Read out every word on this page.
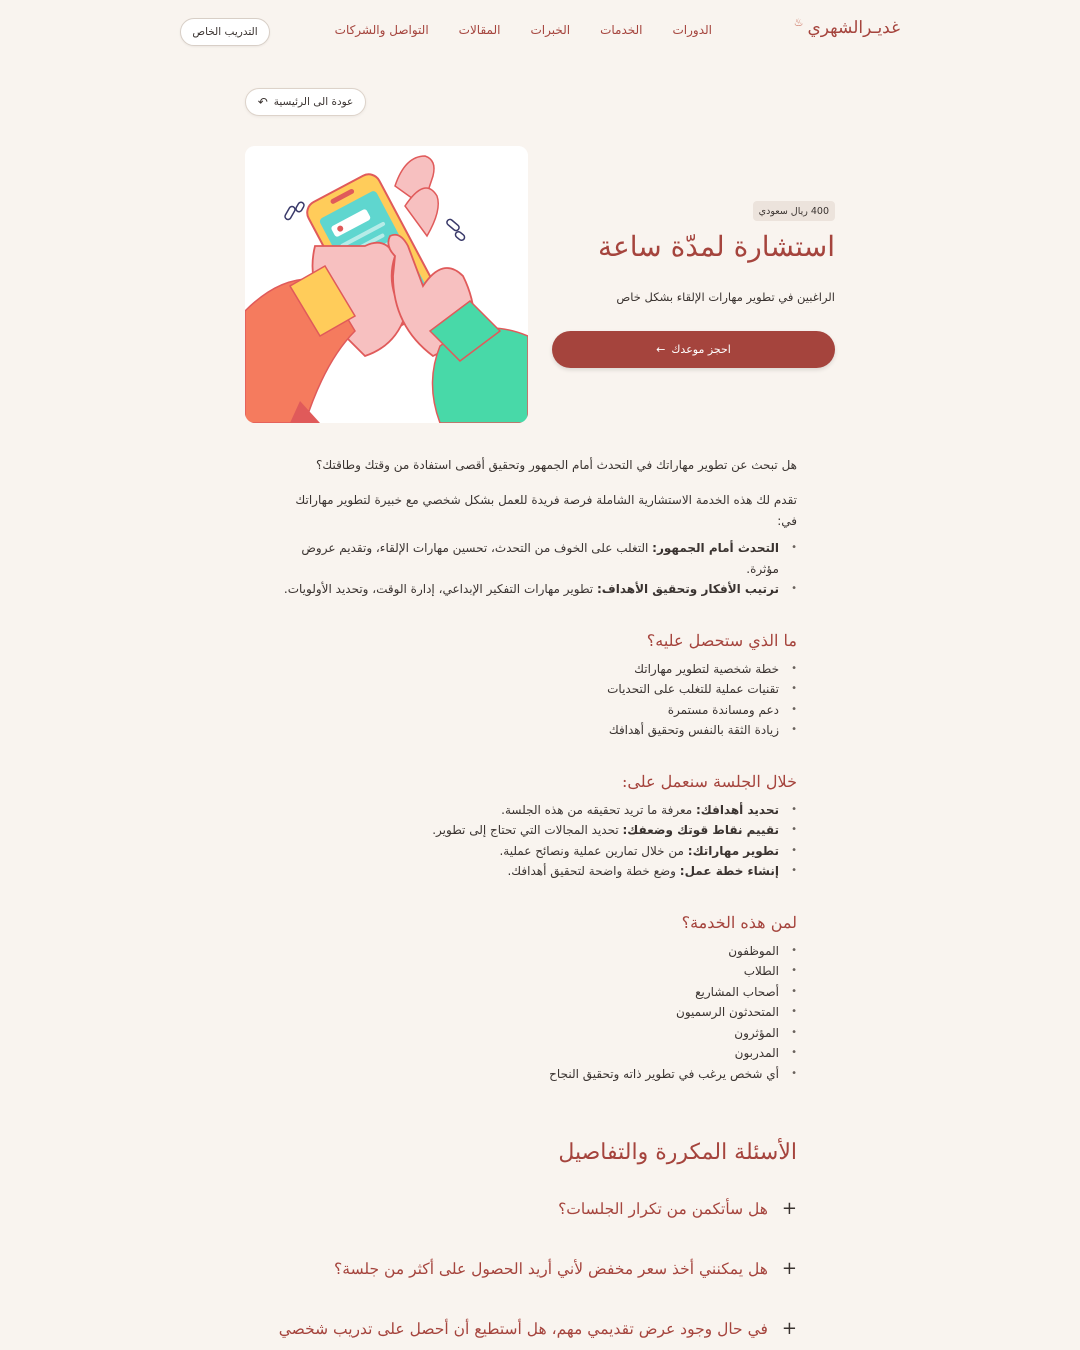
غديـرالشهري
♨
الدورات
الخدمات
الخبرات
المقالات
التواصل والشركات
التدريب الخاص
عودة الى الرئيسية
↶
400 ريال سعودي
استشارة لمدّة ساعة
الراغبين في تطوير مهارات الإلقاء بشكل خاص
احجز موعدك
←

هل تبحث عن تطوير مهاراتك في التحدث أمام الجمهور وتحقيق أقصى استفادة من وقتك وطاقتك؟

تقدم لك هذه الخدمة الاستشارية الشاملة فرصة فريدة للعمل بشكل شخصي مع خبيرة لتطوير مهاراتك في:

• التحدث أمام الجمهور: التغلب على الخوف من التحدث، تحسين مهارات الإلقاء، وتقديم عروض مؤثرة.
• ترتيب الأفكار وتحقيق الأهداف: تطوير مهارات التفكير الإبداعي، إدارة الوقت، وتحديد الأولويات.
ما الذي ستحصل عليه؟
• خطة شخصية لتطوير مهاراتك
• تقنيات عملية للتغلب على التحديات
• دعم ومساندة مستمرة
• زيادة الثقة بالنفس وتحقيق أهدافك
خلال الجلسة سنعمل على:
• تحديد أهدافك: معرفة ما تريد تحقيقه من هذه الجلسة.
• تقييم نقاط قوتك وضعفك: تحديد المجالات التي تحتاج إلى تطوير.
• تطوير مهاراتك: من خلال تمارين عملية ونصائح عملية.
• إنشاء خطة عمل: وضع خطة واضحة لتحقيق أهدافك.
لمن هذه الخدمة؟
• الموظفون
• الطلاب
• أصحاب المشاريع
• المتحدثون الرسميون
• المؤثرون
• المدربون
• أي شخص يرغب في تطوير ذاته وتحقيق النجاح
الأسئلة المكررة والتفاصيل
+
هل سأتكمن من تكرار الجلسات؟
+
هل يمكنني أخذ سعر مخفض لأني أريد الحصول على أكثر من جلسة؟
+
في حال وجود عرض تقديمي مهم، هل أستطيع أن أحصل على تدريب شخصي
